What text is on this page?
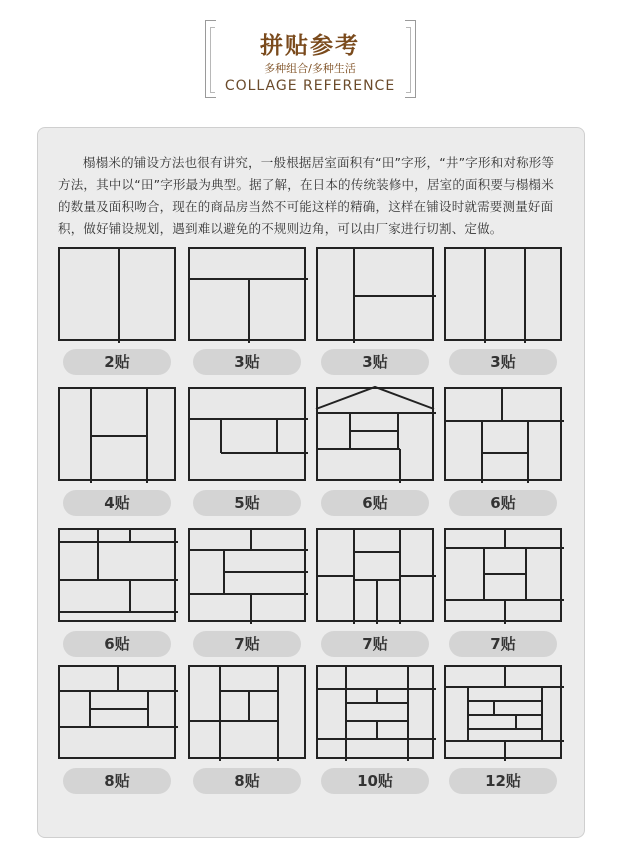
拼贴参考
多种组合/多种生活
COLLAGE REFERENCE
榻榻米的铺设方法也很有讲究，一般根据居室面积有“田”字形，“井”字形和对称形等方法，其中以“田”字形最为典型。据了解，在日本的传统装修中，居室的面积要与榻榻米的数量及面积吻合，现在的商品房当然不可能这样的精确，这样在铺设时就需要测量好面积，做好铺设规划，遇到难以避免的不规则边角，可以由厂家进行切割、定做。
2贴	3贴	3贴	3贴
4贴	5贴	6贴	6贴
6贴	7贴	7贴	7贴
8贴	8贴	10贴	12贴
